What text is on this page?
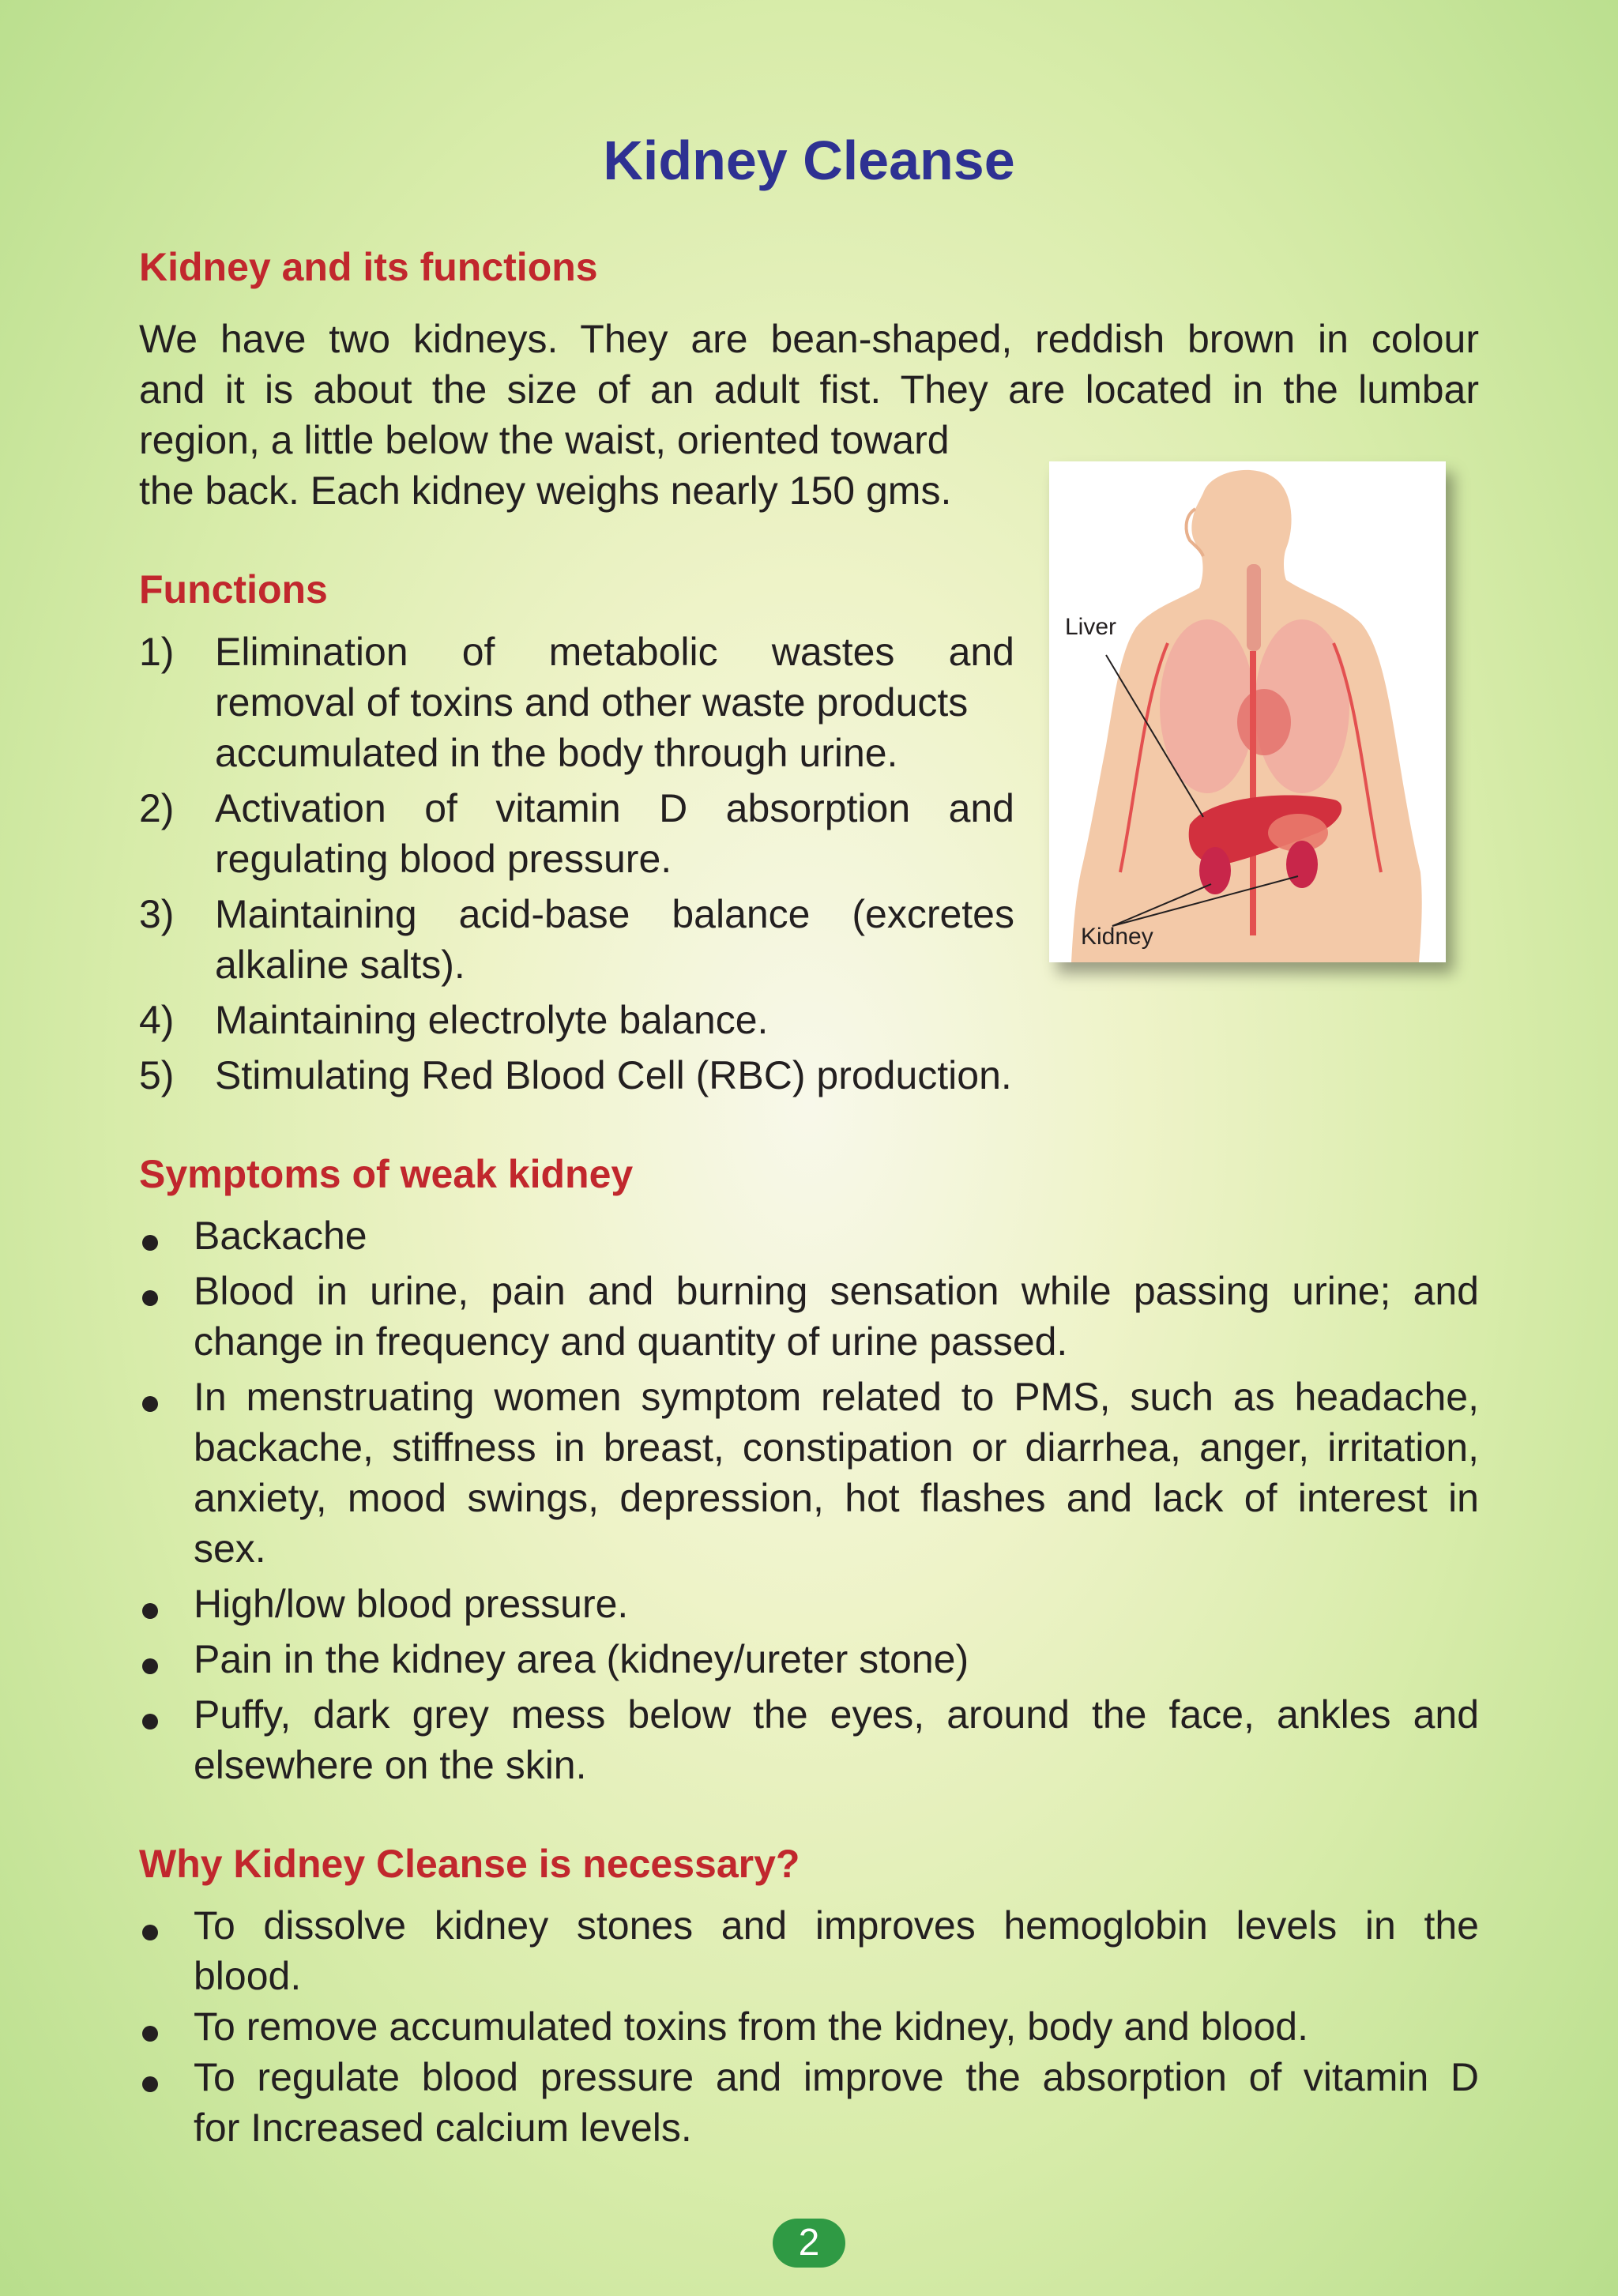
Kidney Cleanse
Kidney and its functions
We have two kidneys. They are bean-shaped, reddish brown in colour
and it is about the size of an adult fist. They are located in the lumbar
region, a little below the waist, oriented toward
the back. Each kidney weighs nearly 150 gms.
Functions
1) Elimination of metabolic wastes and
removal of toxins and other waste products
accumulated in the body through urine.
2) Activation of vitamin D absorption and
regulating blood pressure.
3) Maintaining acid-base balance (excretes
alkaline salts).
4) Maintaining electrolyte balance.
5) Stimulating Red Blood Cell (RBC) production.
Liver
Kidney
Symptoms of weak kidney
Backache
Blood in urine, pain and burning sensation while passing urine; and
change in frequency and quantity of urine passed.
In menstruating women symptom related to PMS, such as headache,
backache, stiffness in breast, constipation or diarrhea, anger, irritation,
anxiety, mood swings, depression, hot flashes and lack of interest in
sex.
High/low blood pressure.
Pain in the kidney area (kidney/ureter stone)
Puffy, dark grey mess below the eyes, around the face, ankles and
elsewhere on the skin.
Why Kidney Cleanse is necessary?
To dissolve kidney stones and improves hemoglobin levels in the
blood.
To remove accumulated toxins from the kidney, body and blood.
To regulate blood pressure and improve the absorption of vitamin D
for Increased calcium levels.
2
